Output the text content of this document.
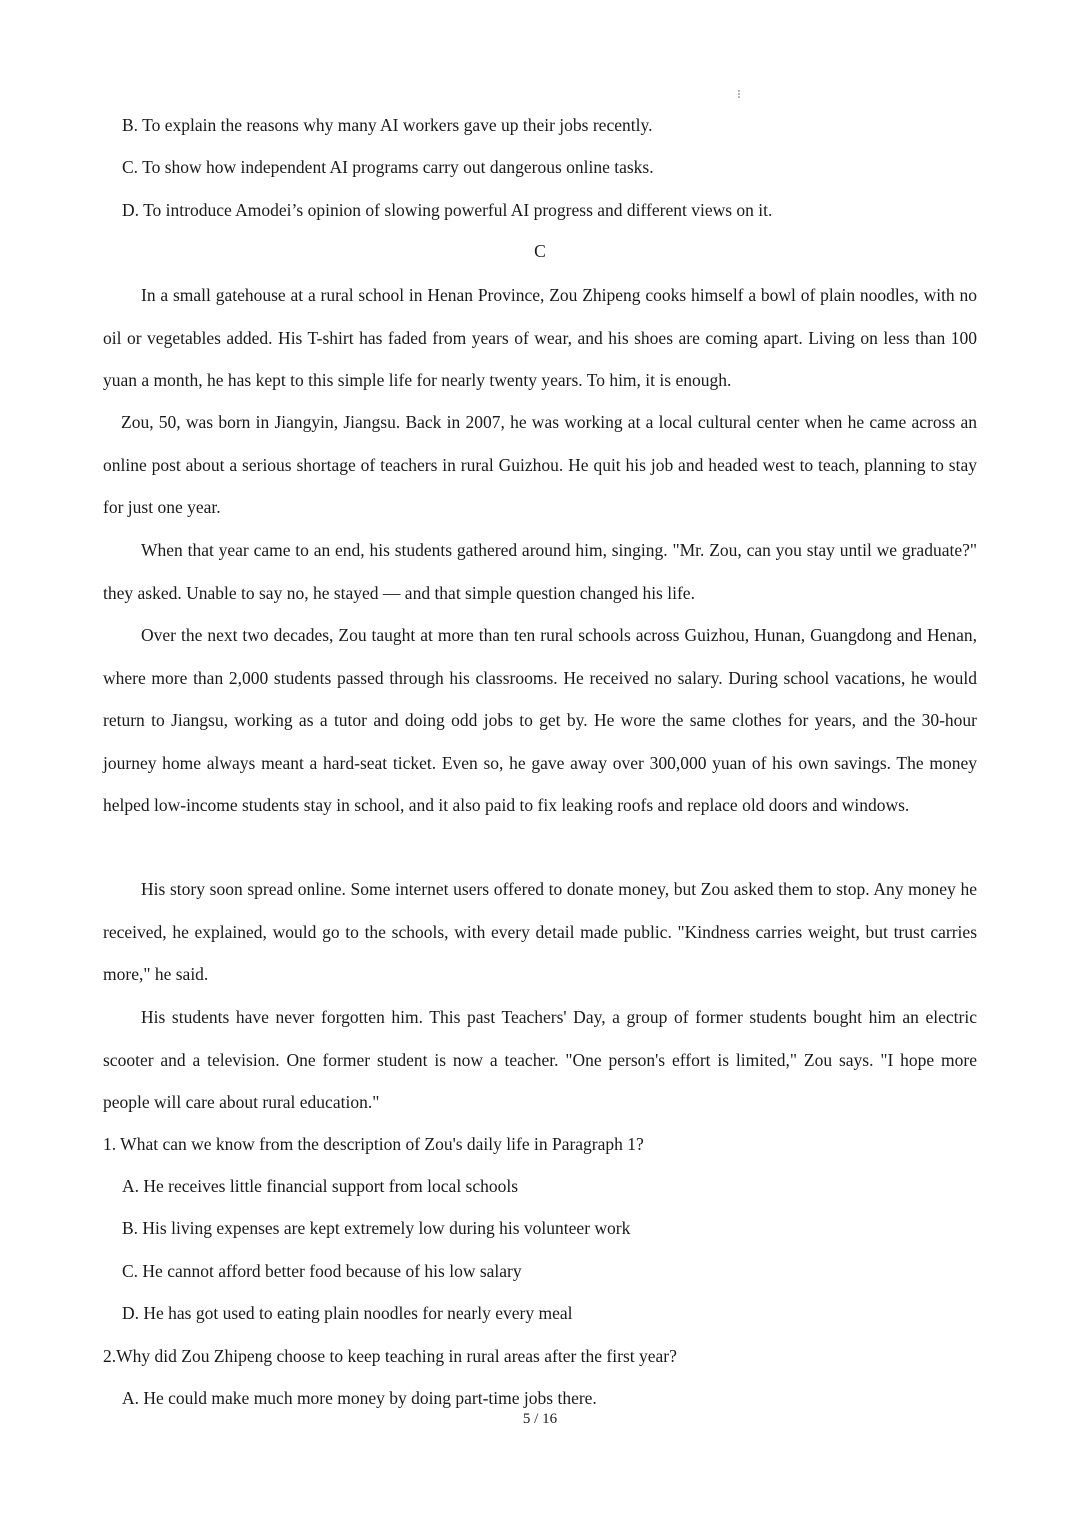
B. To explain the reasons why many AI workers gave up their jobs recently.
C. To show how independent AI programs carry out dangerous online tasks.
D. To introduce Amodei’s opinion of slowing powerful AI progress and different views on it.
C

In a small gatehouse at a rural school in Henan Province, Zou Zhipeng cooks himself a bowl of plain noodles, with no oil or vegetables added. His T-shirt has faded from years of wear, and his shoes are coming apart. Living on less than 100 yuan a month, he has kept to this simple life for nearly twenty years. To him, it is enough.

Zou, 50, was born in Jiangyin, Jiangsu. Back in 2007, he was working at a local cultural center when he came across an online post about a serious shortage of teachers in rural Guizhou. He quit his job and headed west to teach, planning to stay for just one year.

When that year came to an end, his students gathered around him, singing. "Mr. Zou, can you stay until we graduate?" they asked. Unable to say no, he stayed — and that simple question changed his life.

Over the next two decades, Zou taught at more than ten rural schools across Guizhou, Hunan, Guangdong and Henan, where more than 2,000 students passed through his classrooms. He received no salary. During school vacations, he would return to Jiangsu, working as a tutor and doing odd jobs to get by. He wore the same clothes for years, and the 30-hour journey home always meant a hard-seat ticket. Even so, he gave away over 300,000 yuan of his own savings. The money helped low-income students stay in school, and it also paid to fix leaking roofs and replace old doors and windows.

His story soon spread online. Some internet users offered to donate money, but Zou asked them to stop. Any money he received, he explained, would go to the schools, with every detail made public. "Kindness carries weight, but trust carries more," he said.

His students have never forgotten him. This past Teachers' Day, a group of former students bought him an electric scooter and a television. One former student is now a teacher. "One person's effort is limited," Zou says. "I hope more people will care about rural education."

1. What can we know from the description of Zou's daily life in Paragraph 1?
A. He receives little financial support from local schools
B. His living expenses are kept extremely low during his volunteer work
C. He cannot afford better food because of his low salary
D. He has got used to eating plain noodles for nearly every meal
2.Why did Zou Zhipeng choose to keep teaching in rural areas after the first year?
A. He could make much more money by doing part-time jobs there.
5 / 16
